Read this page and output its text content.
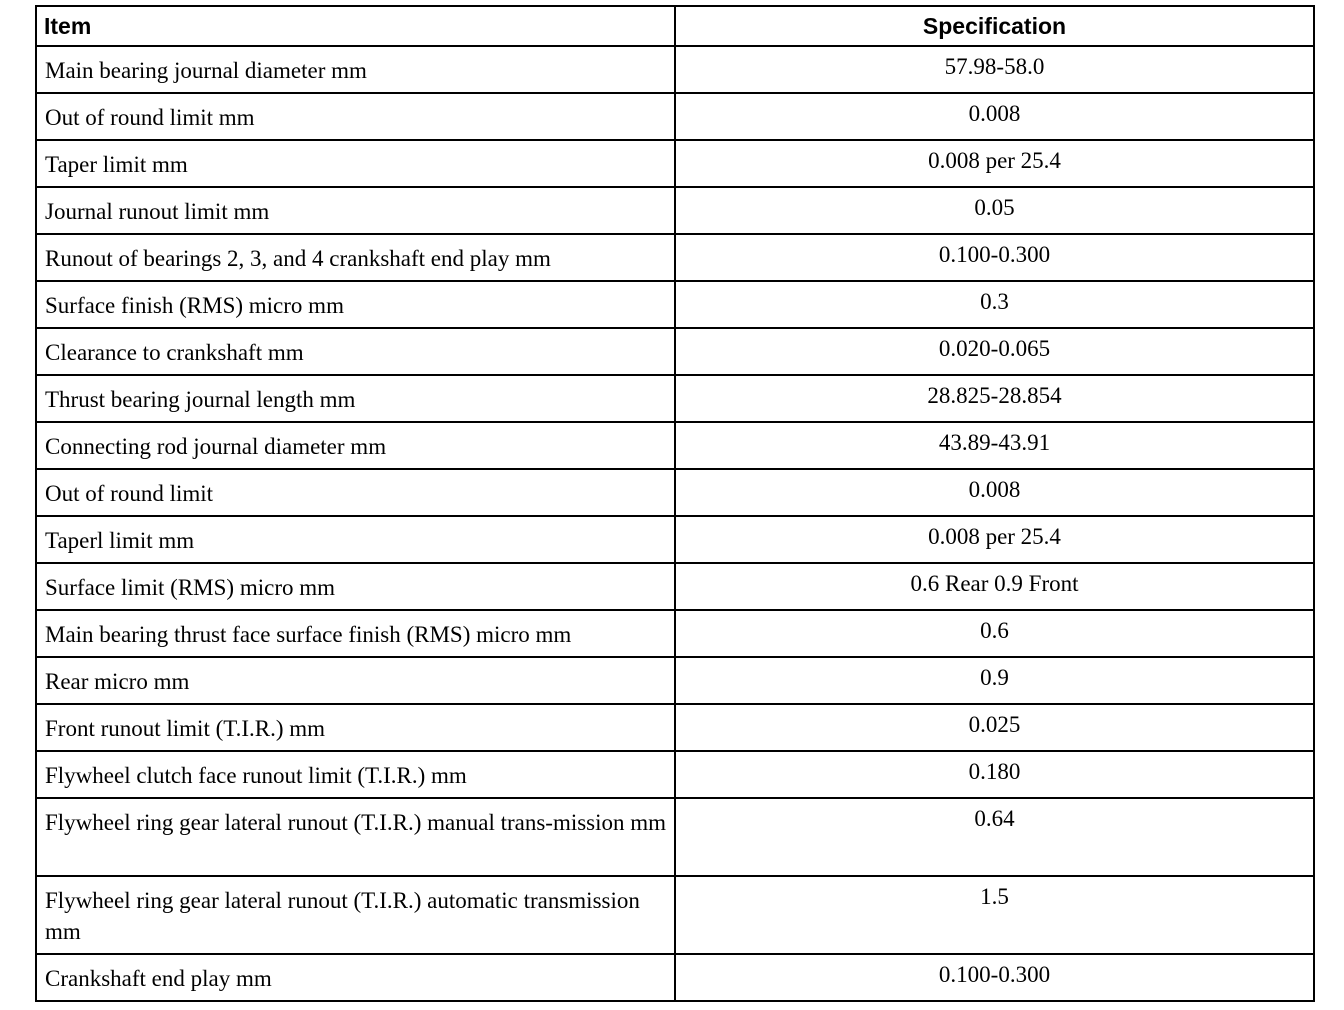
Item	Specification
Main bearing journal diameter mm	57.98-58.0
Out of round limit mm	0.008
Taper limit mm	0.008 per 25.4
Journal runout limit mm	0.05
Runout of bearings 2, 3, and 4 crankshaft end play mm	0.100-0.300
Surface finish (RMS) micro mm	0.3
Clearance to crankshaft mm	0.020-0.065
Thrust bearing journal length mm	28.825-28.854
Connecting rod journal diameter mm	43.89-43.91
Out of round limit	0.008
Taperl limit mm	0.008 per 25.4
Surface limit (RMS) micro mm	0.6 Rear 0.9 Front
Main bearing thrust face surface finish (RMS) micro mm	0.6
Rear micro mm	0.9
Front runout limit (T.I.R.) mm	0.025
Flywheel clutch face runout limit (T.I.R.) mm	0.180
Flywheel ring gear lateral runout (T.I.R.) manual trans-mission mm	0.64
Flywheel ring gear lateral runout (T.I.R.) automatic transmission mm	1.5
Crankshaft end play mm	0.100-0.300
